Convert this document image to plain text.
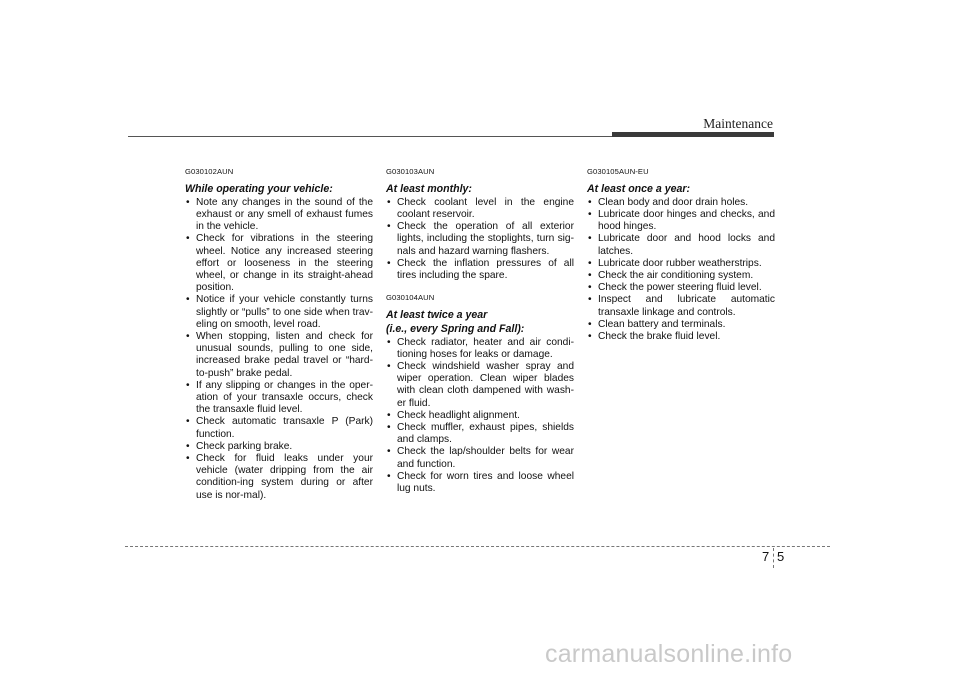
Maintenance
G030102AUN
While operating your vehicle:
• Note any changes in the sound of the exhaust or any smell of exhaust fumes in the vehicle.
• Check for vibrations in the steering wheel. Notice any increased steering effort or looseness in the steering wheel, or change in its straight-ahead position.
• Notice if your vehicle constantly turns slightly or “pulls” to one side when trav-eling on smooth, level road.
• When stopping, listen and check for unusual sounds, pulling to one side, increased brake pedal travel or “hard-to-push” brake pedal.
• If any slipping or changes in the oper-ation of your transaxle occurs, check the transaxle fluid level.
• Check automatic transaxle P (Park) function.
• Check parking brake.
• Check for fluid leaks under your vehicle (water dripping from the air condition-ing system during or after use is nor-mal).
G030103AUN
At least monthly:
• Check coolant level in the engine coolant reservoir.
• Check the operation of all exterior lights, including the stoplights, turn sig-nals and hazard warning flashers.
• Check the inflation pressures of all tires including the spare.
G030104AUN
At least twice a year
(i.e., every Spring and Fall):
• Check radiator, heater and air condi-tioning hoses for leaks or damage.
• Check windshield washer spray and wiper operation. Clean wiper blades with clean cloth dampened with wash-er fluid.
• Check headlight alignment.
• Check muffler, exhaust pipes, shields and clamps.
• Check the lap/shoulder belts for wear and function.
• Check for worn tires and loose wheel lug nuts.
G030105AUN-EU
At least once a year:
• Clean body and door drain holes.
• Lubricate door hinges and checks, and hood hinges.
• Lubricate door and hood locks and latches.
• Lubricate door rubber weatherstrips.
• Check the air conditioning system.
• Check the power steering fluid level.
• Inspect and lubricate automatic transaxle linkage and controls.
• Clean battery and terminals.
• Check the brake fluid level.
7 5
carmanualsonline.info
